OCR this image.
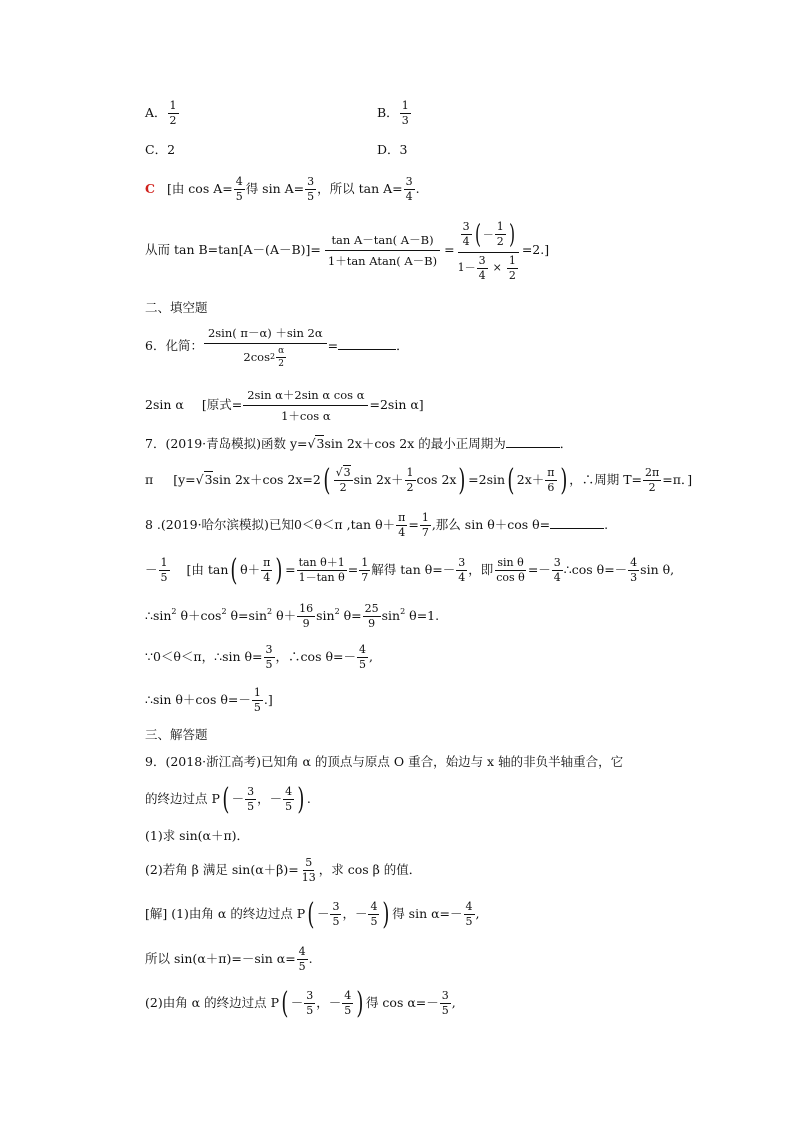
A． $\frac{1}{2}$	B． $\frac{1}{3}$
C．2	D．3
C [由 $\cos A= \frac{4}{5}$ 得 $\sin A= \frac{3}{5}$ ，所以 $\tan A= \frac{3}{4}$ .
从而 $\tan B=\tan[A-(A-B)]= \frac{\text{tan A－tan( A－B)}}{\text{1＋tan Atan( A－B)}} = \frac{\frac{3}{4} ( - \frac{1}{2} )}{1- \frac{3}{4} \times \frac{1}{2}} =2$.]
二、填空题
6．化简： $\frac{2\sin( \pi-\alpha) +\sin 2\alpha}{2\cos 2 \frac{\alpha}{2}}$ =	．
2sin α [原式= $\frac{\text{2sin α＋2sin α cos α}}{\text{1＋cos α}} =2\sin$ α]
7．(2019·青岛模拟)函数 y=√3sin 2x＋cos 2x 的最小正周期为	．
π [y=√3sin 2x＋cos $2x=2( \frac{√3}{2}$ $\sin 2x+ \frac{1}{2}$ cos 2x) =2sin( $2x+ \frac{\pi}{6}$ ) ，∴周期 $T= \frac{2\pi}{2} =\pi$．]
8 .(2019·哈尔滨模拟)已知0＜θ＜π ,tan $\theta+ \frac{\pi}{4} = \frac{1}{7}$ ,那么 sin θ＋cos θ=	.
－ $\frac{1}{5}$ [由 tan( $\theta+ \frac{\pi}{4}$ ) = $\frac{\text{tan θ＋1}}{\text{1－tan θ}} = \frac{1}{7}$ 解得 $\tan \theta=- \frac{3}{4}$ ，即 $\frac{\text{sin θ}}{\text{cos θ}} =- \frac{3}{4}$ ∴cos $\theta=- \frac{4}{3}$ sin θ,
$\therefore\sin^2$ $\theta+\cos^2$ $\theta=\sin^2$ $\theta+ \frac{16}{9} \sin^2 \theta= \frac{25}{9} \sin^2 \theta=1$.
∵0＜θ＜π，∴sin $\theta= \frac{3}{5}$ ，∴cos $\theta=- \frac{4}{5}$ ,
∴sin θ＋cos $\theta=- \frac{1}{5}$ .]
三、解答题
9．(2018·浙江高考)已知角 α 的顶点与原点 O 重合，始边与 x 轴的非负半轴重合，它
的终边过点 $P( - \frac{3}{5}$ ，－ $\frac{4}{5}$ ) .
(1)求 sin(α＋π)．
(2)若角 β 满足 $\sin(\alpha+\beta)= \frac{5}{13}$ ，求 cos β 的值．
[解] (1)由角 α 的终边过点 $P( - \frac{3}{5}$ ，－ $\frac{4}{5}$ ) 得 $\sin \alpha=- \frac{4}{5}$ ,
所以 sin(α＋π)=－sin $\alpha= \frac{4}{5}$ .
(2)由角 α 的终边过点 $P( - \frac{3}{5}$ ，－ $\frac{4}{5}$ ) 得 $\cos \alpha=- \frac{3}{5}$ ,
